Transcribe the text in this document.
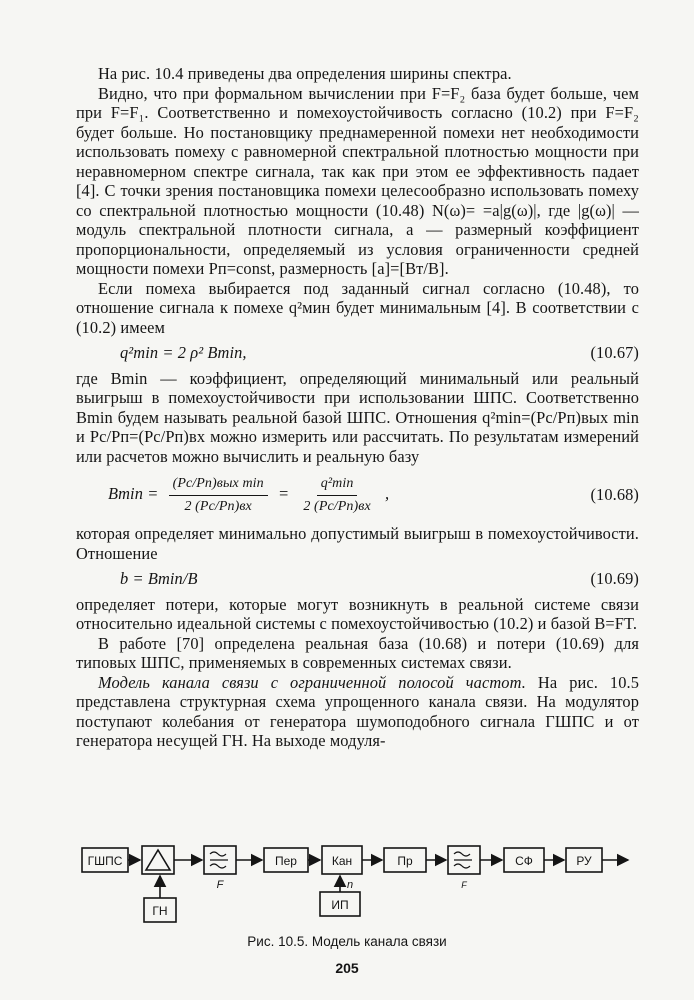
На рис. 10.4 приведены два определения ширины спектра.

Видно, что при формальном вычислении при F=F₂ база будет больше, чем при F=F₁. Соответственно и помехоустойчивость согласно (10.2) при F=F₂ будет больше. Но постановщику преднамеренной помехи нет необходимости использовать помеху с равномерной спектральной плотностью мощности при неравномерном спектре сигнала, так как при этом ее эффективность падает [4]. С точки зрения постановщика помехи целесообразно использовать помеху со спектральной плотностью мощности (10.48) N(ω)= =a|g(ω)|, где |g(ω)| — модуль спектральной плотности сигнала, a — размерный коэффициент пропорциональности, определяемый из условия ограниченности средней мощности помехи Pп=const, размерность [a]=[Вт/В].

Если помеха выбирается под заданный сигнал согласно (10.48), то отношение сигнала к помехе q²мин будет минимальным [4]. В соответствии с (10.2) имеем

q²min = 2 ρ² Bmin,	(10.67)

где Bmin — коэффициент, определяющий минимальный или реальный выигрыш в помехоустойчивости при использовании ШПС. Соответственно Bmin будем называть реальной базой ШПС. Отношения q²min=(Pc/Pп)вых min и Pc/Pп=(Pc/Pп)вх можно измерить или рассчитать. По результатам измерений или расчетов можно вычислить и реальную базу

$Bmin = \frac{\text{(Pc/Pп)вых min}}{2 (Pc/Pп)вх} = \frac{\text{q²min}}{2 (Pc/Pп)вх}$ ,	(10.68)

которая определяет минимально допустимый выигрыш в помехоустойчивости. Отношение

b = Bmin/B	(10.69)

определяет потери, которые могут возникнуть в реальной системе связи относительно идеальной системы с помехоустойчивостью (10.2) и базой B=FT.

В работе [70] определена реальная база (10.68) и потери (10.69) для типовых ШПС, применяемых в современных системах связи.

Модель канала связи с ограниченной полосой частот. На рис. 10.5 представлена структурная схема упрощенного канала связи. На модулятор поступают колебания от генератора шумоподобного сигнала ГШПС и от генератора несущей ГН. На выходе модуля-

ГШПС	Пер	Кан	Пр	СФ	РУ
ГН	ИП
F	n	F
Рис. 10.5. Модель канала связи
205
